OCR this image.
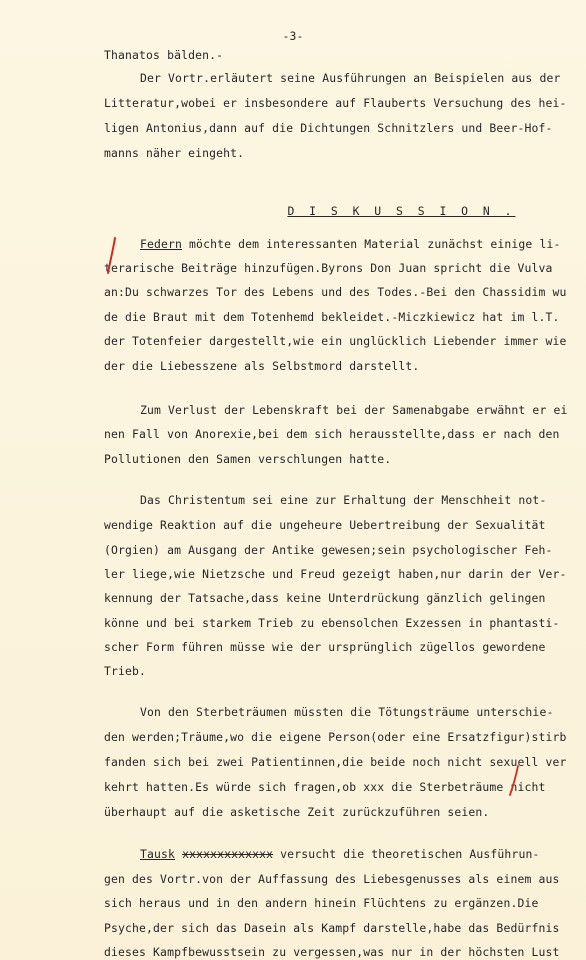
-3-
Thanatos bälden.-
Der Vortr.erläutert seine Ausführungen an Beispielen aus der
Litteratur,wobei er insbesondere auf Flauberts Versuchung des hei-
ligen Antonius,dann auf die Dichtungen Schnitzlers und Beer-Hof-
manns näher eingeht.
Federn möchte dem interessanten Material zunächst einige li-
terarische Beiträge hinzufügen.Byrons Don Juan spricht die Vulva
an:Du schwarzes Tor des Lebens und des Todes.-Bei den Chassidim wu
de die Braut mit dem Totenhemd bekleidet.-Miczkiewicz hat im l.T.
der Totenfeier dargestellt,wie ein unglücklich Liebender immer wie
der die Liebesszene als Selbstmord darstellt.
Zum Verlust der Lebenskraft bei der Samenabgabe erwähnt er ei
nen Fall von Anorexie,bei dem sich herausstellte,dass er nach den
Pollutionen den Samen verschlungen hatte.
Das Christentum sei eine zur Erhaltung der Menschheit not-
wendige Reaktion auf die ungeheure Uebertreibung der Sexualität
(Orgien) am Ausgang der Antike gewesen;sein psychologischer Feh-
ler liege,wie Nietzsche und Freud gezeigt haben,nur darin der Ver-
kennung der Tatsache,dass keine Unterdrückung gänzlich gelingen
könne und bei starkem Trieb zu ebensolchen Exzessen in phantasti-
scher Form führen müsse wie der ursprünglich zügellos gewordene
Trieb.
Von den Sterbeträumen müssten die Tötungsträume unterschie-
den werden;Träume,wo die eigene Person(oder eine Ersatzfigur)stirb
fanden sich bei zwei Patientinnen,die beide noch nicht sexuell ver
kehrt hatten.Es würde sich fragen,ob xxx die Sterbeträume nicht
überhaupt auf die asketische Zeit zurückzuführen seien.
Tausk xxxxxxxxxxxxx versucht die theoretischen Ausführun-
gen des Vortr.von der Auffassung des Liebesgenusses als einem aus
sich heraus und in den andern hinein Flüchtens zu ergänzen.Die
Psyche,der sich das Dasein als Kampf darstelle,habe das Bedürfnis
dieses Kampfbewusstsein zu vergessen,was nur in der höchsten Lust

D I S K U S S I O N .
